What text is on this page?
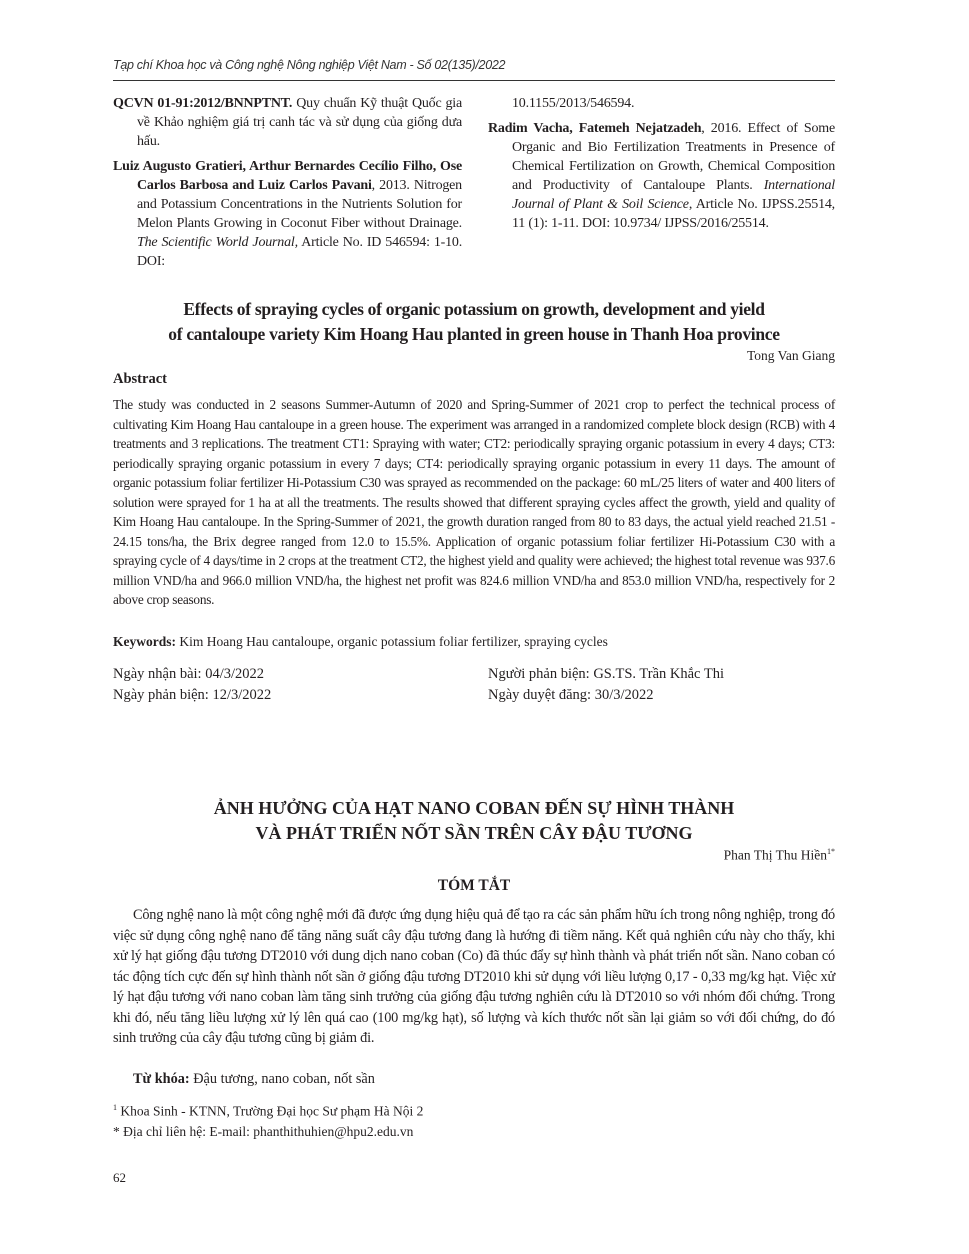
Tạp chí Khoa học và Công nghệ Nông nghiệp Việt Nam - Số 02(135)/2022

QCVN 01-91:2012/BNNPTNT. Quy chuẩn Kỹ thuật Quốc gia về Khảo nghiệm giá trị canh tác và sử dụng của giống dưa hấu.

Luiz Augusto Gratieri, Arthur Bernardes Cecílio Filho, Ose Carlos Barbosa and Luiz Carlos Pavani, 2013. Nitrogen and Potassium Concentrations in the Nutrients Solution for Melon Plants Growing in Coconut Fiber without Drainage. The Scientific World Journal, Article No. ID 546594: 1-10. DOI:

10.1155/2013/546594.

Radim Vacha, Fatemeh Nejatzadeh, 2016. Effect of Some Organic and Bio Fertilization Treatments in Presence of Chemical Fertilization on Growth, Chemical Composition and Productivity of Cantaloupe Plants. International Journal of Plant & Soil Science, Article No. IJPSS.25514, 11 (1): 1-11. DOI: 10.9734/ IJPSS/2016/25514.

Effects of spraying cycles of organic potassium on growth, development and yield
of cantaloupe variety Kim Hoang Hau planted in green house in Thanh Hoa province
Tong Van Giang
Abstract
The study was conducted in 2 seasons Summer-Autumn of 2020 and Spring-Summer of 2021 crop to perfect the technical process of cultivating Kim Hoang Hau cantaloupe in a green house. The experiment was arranged in a randomized complete block design (RCB) with 4 treatments and 3 replications. The treatment CT1: Spraying with water; CT2: periodically spraying organic potassium in every 4 days; CT3: periodically spraying organic potassium in every 7 days; CT4: periodically spraying organic potassium in every 11 days. The amount of organic potassium foliar fertilizer Hi-Potassium C30 was sprayed as recommended on the package: 60 mL/25 liters of water and 400 liters of solution were sprayed for 1 ha at all the treatments. The results showed that different spraying cycles affect the growth, yield and quality of Kim Hoang Hau cantaloupe. In the Spring-Summer of 2021, the growth duration ranged from 80 to 83 days, the actual yield reached 21.51 - 24.15 tons/ha, the Brix degree ranged from 12.0 to 15.5%. Application of organic potassium foliar fertilizer Hi-Potassium C30 with a spraying cycle of 4 days/time in 2 crops at the treatment CT2, the highest yield and quality were achieved; the highest total revenue was 937.6 million VND/ha and 966.0 million VND/ha, the highest net profit was 824.6 million VND/ha and 853.0 million VND/ha, respectively for 2 above crop seasons.
Keywords: Kim Hoang Hau cantaloupe, organic potassium foliar fertilizer, spraying cycles
Ngày nhận bài: 04/3/2022
Ngày phản biện: 12/3/2022
Người phản biện: GS.TS. Trần Khắc Thi
Ngày duyệt đăng: 30/3/2022
ẢNH HƯỞNG CỦA HẠT NANO COBAN ĐẾN SỰ HÌNH THÀNH
VÀ PHÁT TRIỂN NỐT SẦN TRÊN CÂY ĐẬU TƯƠNG
Phan Thị Thu Hiền$^{1*}$
TÓM TẮT
Công nghệ nano là một công nghệ mới đã được ứng dụng hiệu quả để tạo ra các sản phẩm hữu ích trong nông nghiệp, trong đó việc sử dụng công nghệ nano để tăng năng suất cây đậu tương đang là hướng đi tiềm năng. Kết quả nghiên cứu này cho thấy, khi xử lý hạt giống đậu tương DT2010 với dung dịch nano coban (Co) đã thúc đẩy sự hình thành và phát triển nốt sần. Nano coban có tác động tích cực đến sự hình thành nốt sần ở giống đậu tương DT2010 khi sử dụng với liều lượng 0,17 - 0,33 mg/kg hạt. Việc xử lý hạt đậu tương với nano coban làm tăng sinh trưởng của giống đậu tương nghiên cứu là DT2010 so với nhóm đối chứng. Trong khi đó, nếu tăng liều lượng xử lý lên quá cao (100 mg/kg hạt), số lượng và kích thước nốt sần lại giảm so với đối chứng, do đó sinh trưởng của cây đậu tương cũng bị giảm đi.
Từ khóa: Đậu tương, nano coban, nốt sần
$^1$ Khoa Sinh - KTNN, Trường Đại học Sư phạm Hà Nội 2
* Địa chỉ liên hệ: E-mail: phanthithuhien@hpu2.edu.vn
62
